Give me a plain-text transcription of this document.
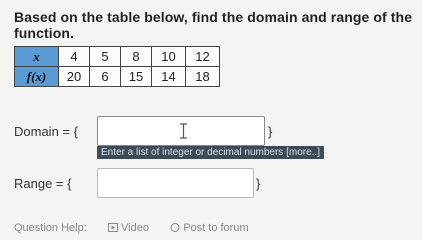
Based on the table below, find the domain and range of the function.
x	4	5	8	10	12
f(x)	20	6	15	14	18
Domain = {	}
Enter a list of integer or decimal numbers [more..]
Range = {	}
Question Help:	Video	Post to forum
